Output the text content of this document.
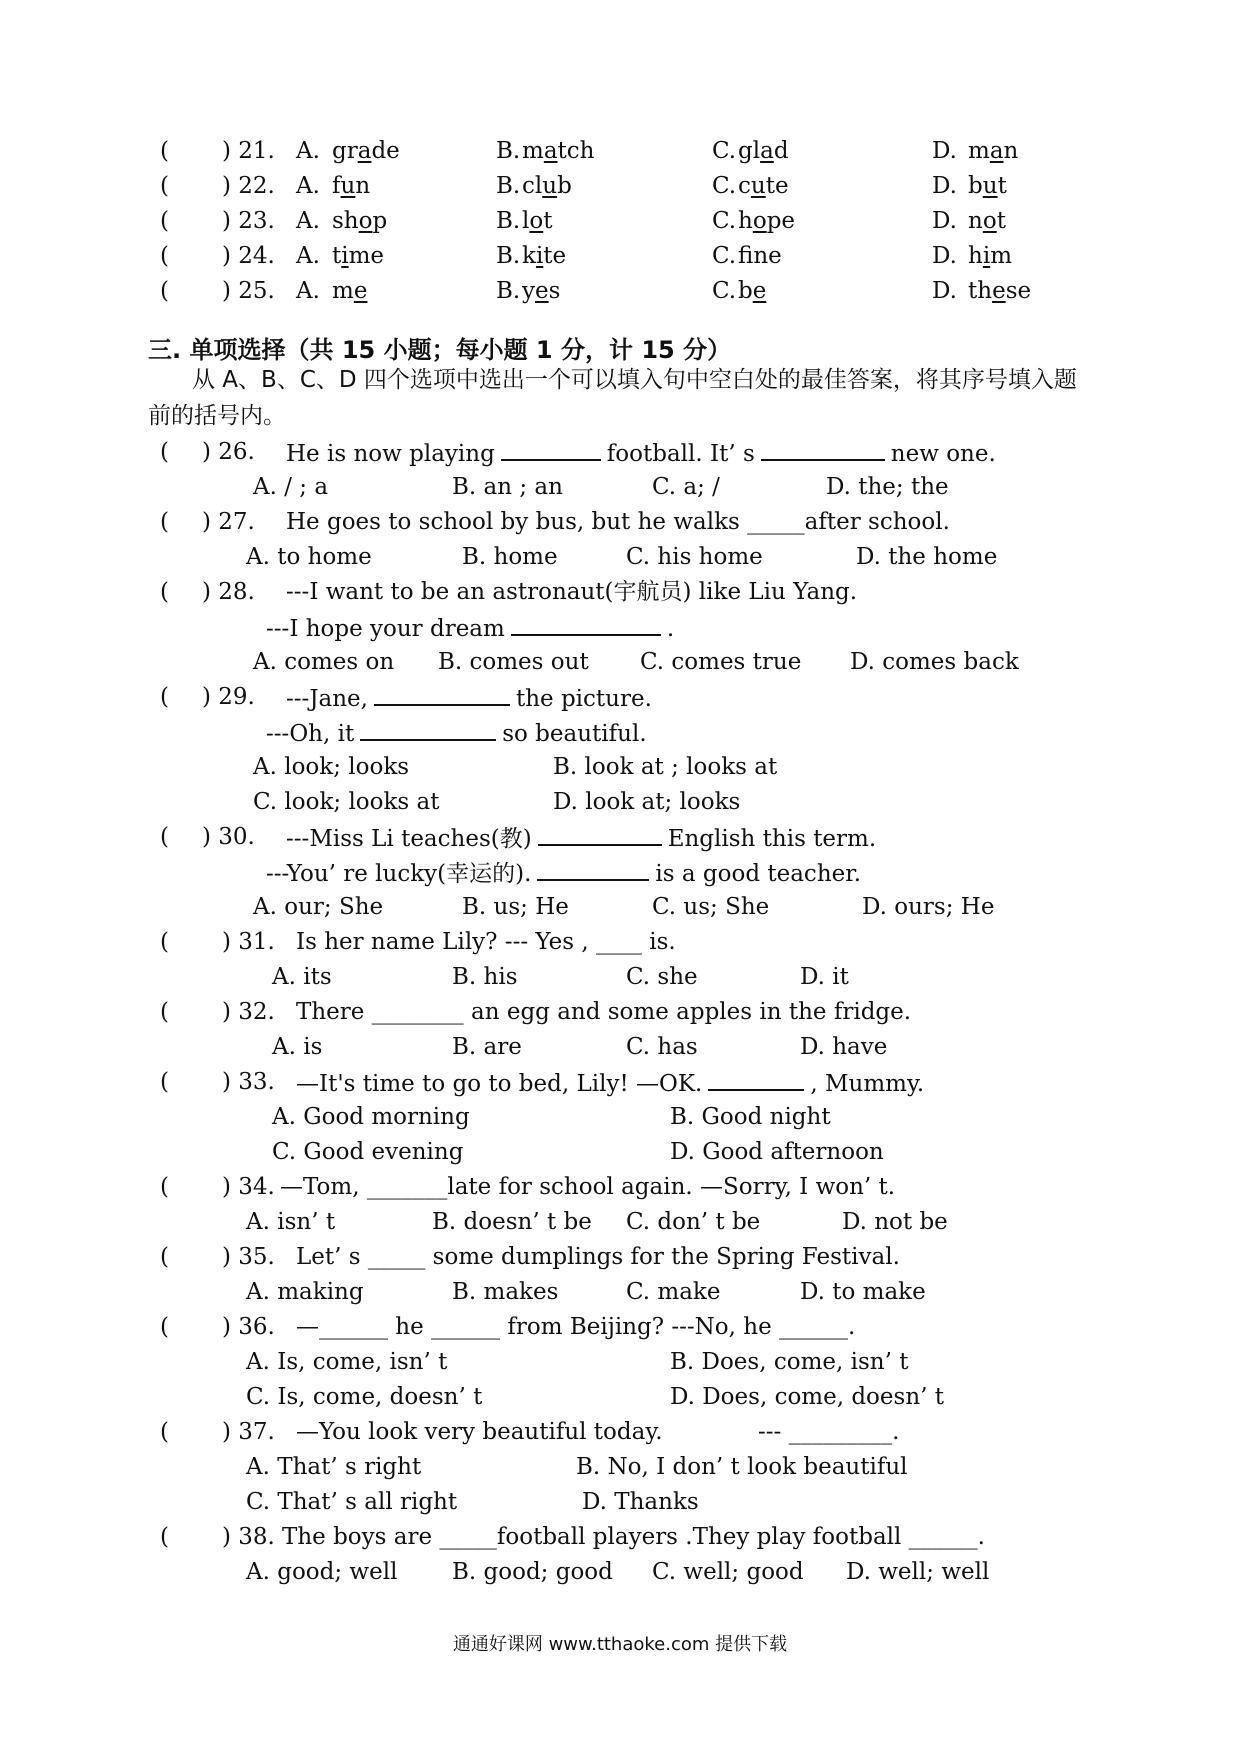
( ) 21. A. grade	B. match	C. glad	D. man
( ) 22. A. fun	B. club	C. cute	D. but
( ) 23. A. shop	B. lot	C. hope	D. not
( ) 24. A. time	B. kite	C. fne	D. him
( ) 25. A. me	B. yes	C. be	D. these
三. 单项选择（共 15 小题；每小题 1 分，计 15 分）
从 A、B、C、D 四个选项中选出一个可以填入句中空白处的最佳答案，将其序号填入题前的括号内。
( ) 26. He is now playing	football. It’ s	new one.
A. / ; a	B. an ; an	C. a; /	D. the; the
( ) 27. He goes to school by bus, but he walks _____after school.
A. to home	B. home	C. his home	D. the home
( ) 28. ---I want to be an astronaut(宇航员) like Liu Yang.
---I hope your dream	.
A. comes on B. comes out C. comes true D. comes back
( ) 29. ---Jane,	the picture.
---Oh, it	so beautiful.
A. look; looks	B. look at ; looks at
C. look; looks at	D. look at; looks
( ) 30. ---Miss Li teaches(教)	English this term.
---You’ re lucky(幸运的).	is a good teacher.
A. our; She	B. us; He	C. us; She	D. ours; He
( ) 31. Is her name Lily? --- Yes , ____ is.
A. its	B. his	C. she	D. it
( ) 32. There ________ an egg and some apples in the fridge.
A. is	B. are	C. has	D. have
( ) 33. —It's time to go to bed, Lily! —OK.	, Mummy.
A. Good morning	B. Good night
C. Good evening	D. Good afternoon
( ) 34. —Tom, _______late for school again. —Sorry, I won’ t.
A. isn’ t	B. doesn’ t be C. don’ t be	D. not be
( ) 35. Let’ s _____ some dumplings for the Spring Festival.
A. making	B. makes	C. make	D. to make
( ) 36. —______ he ______ from Beijing? ---No, he ______.
A. Is, come, isn’ t	B. Does, come, isn’ t
C. Is, come, doesn’ t	D. Does, come, doesn’ t
( ) 37. —You look very beautiful today.	--- _________.
A. That’ s right	B. No, I don’ t look beautiful
C. That’ s all right	D. Thanks
( ) 38. The boys are _____football players .They play football ______.
A. good; well B. good; good C. well; good D. well; well
通通好课网 www.tthaoke.com 提供下载
